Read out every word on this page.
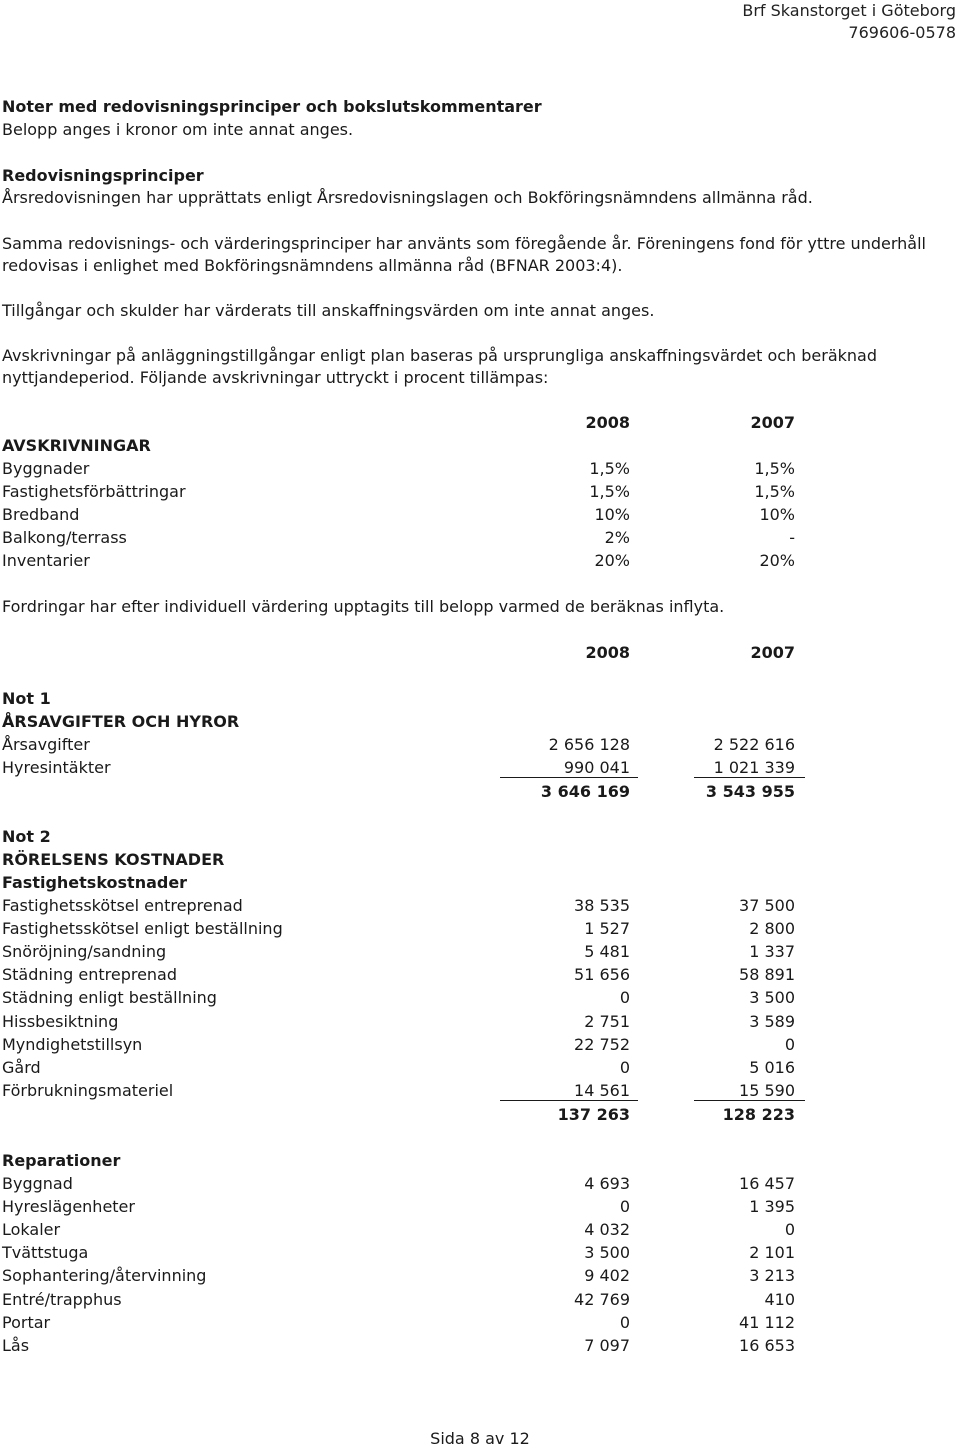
Brf Skanstorget i Göteborg
769606-0578
Noter med redovisningsprinciper och bokslutskommentarer
Belopp anges i kronor om inte annat anges.
Redovisningsprinciper
Årsredovisningen har upprättats enligt Årsredovisningslagen och Bokföringsnämndens allmänna råd.
Samma redovisnings- och värderingsprinciper har använts som föregående år. Föreningens fond för yttre underhåll
redovisas i enlighet med Bokföringsnämndens allmänna råd (BFNAR 2003:4).
Tillgångar och skulder har värderats till anskaffningsvärden om inte annat anges.
Avskrivningar på anläggningstillgångar enligt plan baseras på ursprungliga anskaffningsvärdet och beräknad
nyttjandeperiod. Följande avskrivningar uttryckt i procent tillämpas:
2008	2007
AVSKRIVNINGAR
Byggnader	1,5%	1,5%
Fastighetsförbättringar	1,5%	1,5%
Bredband	10%	10%
Balkong/terrass	2%	-
Inventarier	20%	20%
Fordringar har efter individuell värdering upptagits till belopp varmed de beräknas inflyta.
2008	2007
Not 1
ÅRSAVGIFTER OCH HYROR
Årsavgifter	2 656 128	2 522 616
Hyresintäkter	990 041	1 021 339
3 646 169	3 543 955
Not 2
RÖRELSENS KOSTNADER
Fastighetskostnader
Fastighetsskötsel entreprenad	38 535	37 500
Fastighetsskötsel enligt beställning	1 527	2 800
Snöröjning/sandning	5 481	1 337
Städning entreprenad	51 656	58 891
Städning enligt beställning	0	3 500
Hissbesiktning	2 751	3 589
Myndighetstillsyn	22 752	0
Gård	0	5 016
Förbrukningsmateriel	14 561	15 590
137 263	128 223
Reparationer
Byggnad	4 693	16 457
Hyreslägenheter	0	1 395
Lokaler	4 032	0
Tvättstuga	3 500	2 101
Sophantering/återvinning	9 402	3 213
Entré/trapphus	42 769	410
Portar	0	41 112
Lås	7 097	16 653
Sida 8 av 12
